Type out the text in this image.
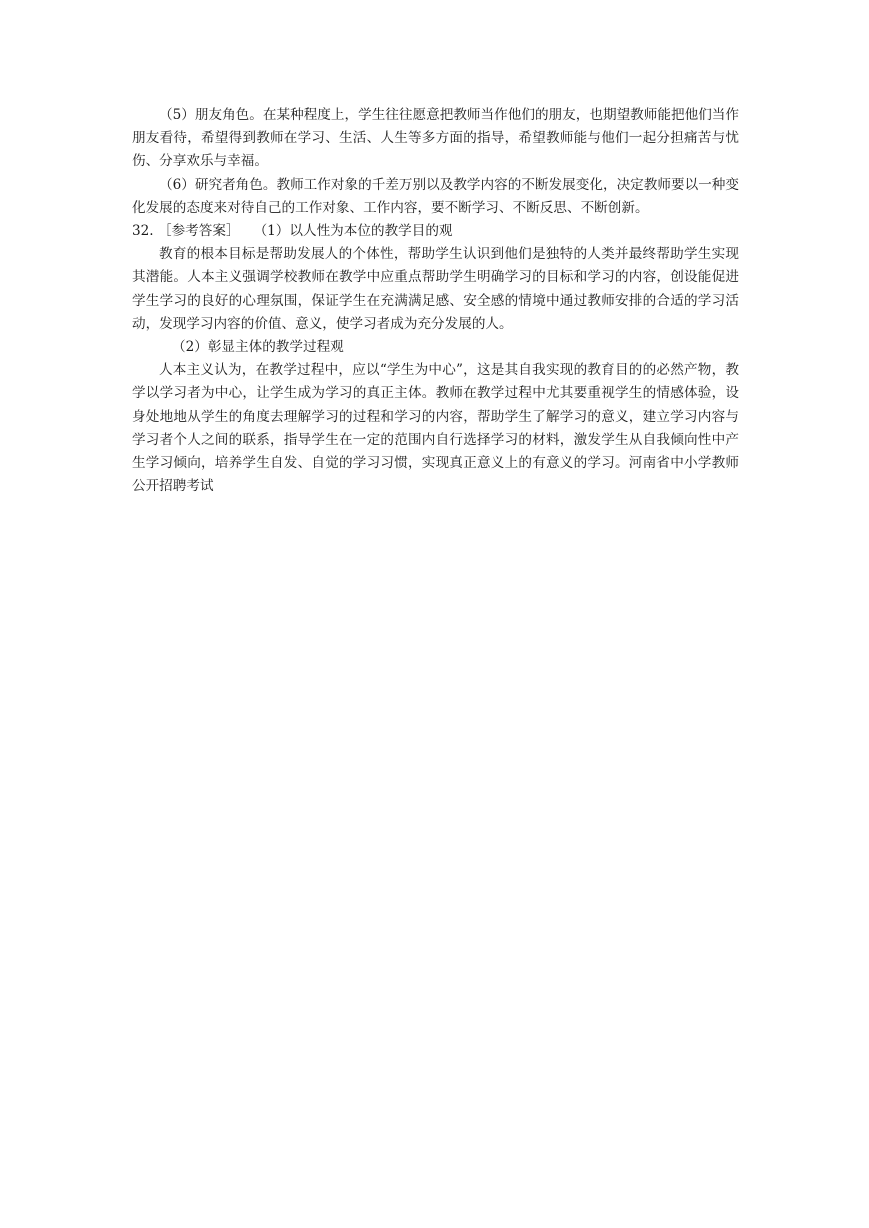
（5）朋友角色。在某种程度上，学生往往愿意把教师当作他们的朋友，也期望教师能把他们当作朋友看待，希望得到教师在学习、生活、人生等多方面的指导，希望教师能与他们一起分担痛苦与忧伤、分享欢乐与幸福。

（6）研究者角色。教师工作对象的千差万别以及教学内容的不断发展变化，决定教师要以一种变化发展的态度来对待自己的工作对象、工作内容，要不断学习、不断反思、不断创新。

32. ［参考答案］ （1）以人性为本位的教学目的观

教育的根本目标是帮助发展人的个体性，帮助学生认识到他们是独特的人类并最终帮助学生实现其潜能。人本主义强调学校教师在教学中应重点帮助学生明确学习的目标和学习的内容，创设能促进学生学习的良好的心理氛围，保证学生在充满满足感、安全感的情境中通过教师安排的合适的学习活动，发现学习内容的价值、意义，使学习者成为充分发展的人。

（2）彰显主体的教学过程观

人本主义认为，在教学过程中，应以“学生为中心”，这是其自我实现的教育目的的必然产物，教学以学习者为中心，让学生成为学习的真正主体。教师在教学过程中尤其要重视学生的情感体验，设身处地地从学生的角度去理解学习的过程和学习的内容，帮助学生了解学习的意义，建立学习内容与学习者个人之间的联系，指导学生在一定的范围内自行选择学习的材料，激发学生从自我倾向性中产生学习倾向，培养学生自发、自觉的学习习惯，实现真正意义上的有意义的学习。河南省中小学教师公开招聘考试
